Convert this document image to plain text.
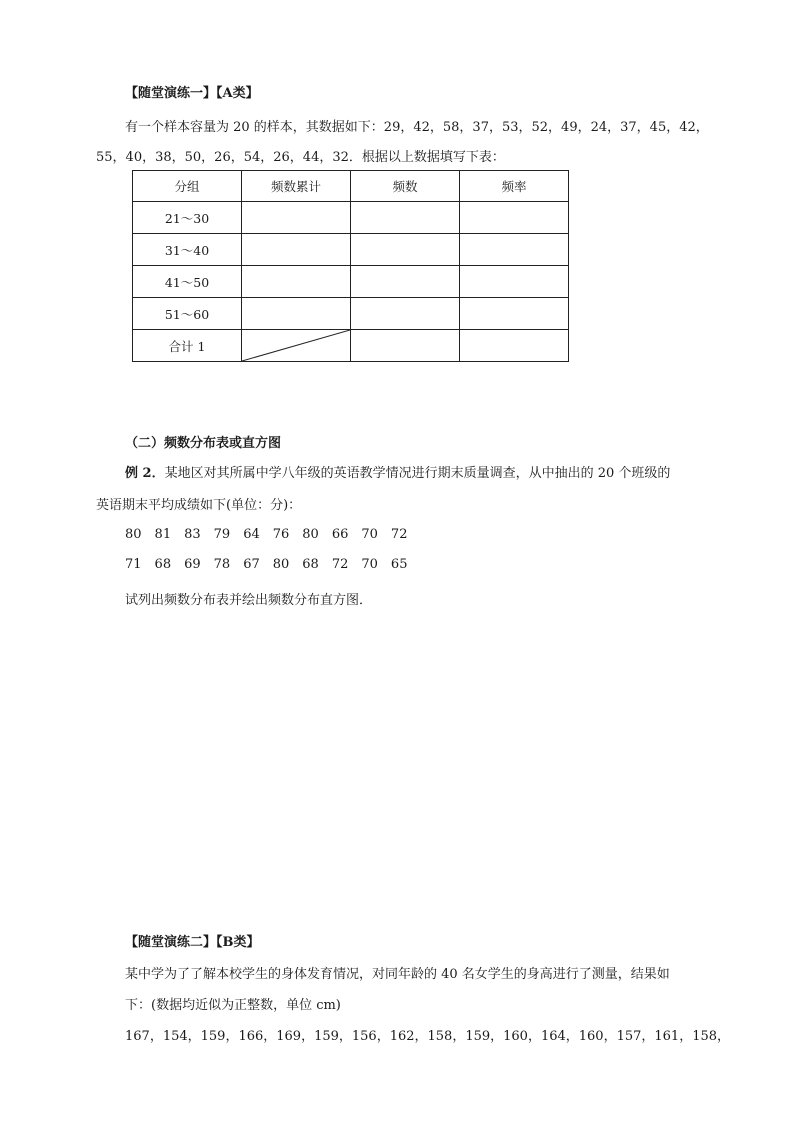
【随堂演练一】【A类】
有一个样本容量为 20 的样本，其数据如下：29，42，58，37，53，52，49，24，37，45，42，
55，40，38，50，26，54，26，44，32．根据以上数据填写下表：
分组	频数累计	频数	频率
21～30			
31～40			
41～50			
51～60			
合计 1	

（二）频数分布表或直方图
例 2．某地区对其所属中学八年级的英语教学情况进行期末质量调查，从中抽出的 20 个班级的
英语期末平均成绩如下(单位：分)：
80 81 83 79 64 76 80 66 70 72
71 68 69 78 67 80 68 72 70 65
试列出频数分布表并绘出频数分布直方图．
【随堂演练二】【B类】
某中学为了了解本校学生的身体发育情况，对同年龄的 40 名女学生的身高进行了测量，结果如
下：(数据均近似为正整数，单位 cm)
167，154，159，166，169，159，156，162，158，159，160，164，160，157，161，158，
